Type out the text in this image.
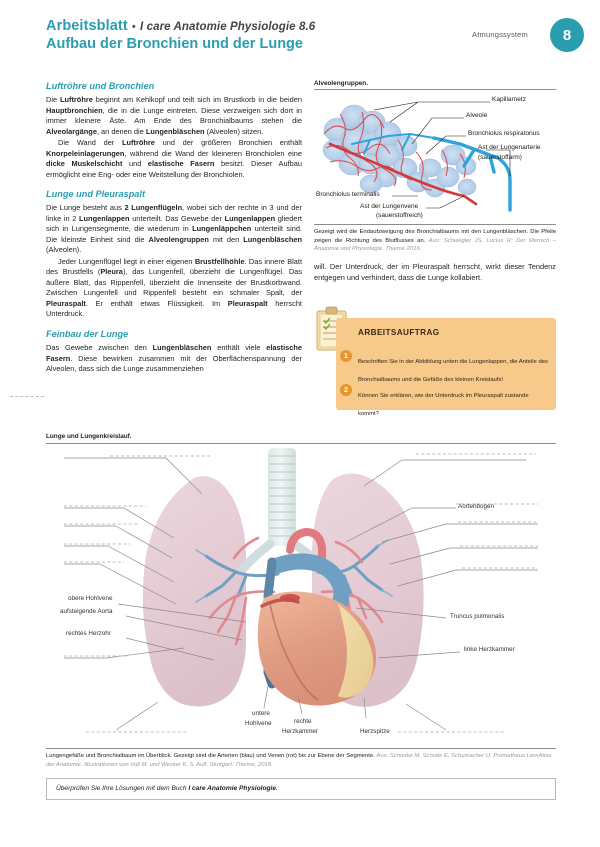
Arbeitsblatt • I care Anatomie Physiologie 8.6
Aufbau der Bronchien und der Lunge
Atmungssystem	8
Luftröhre und Bronchien
Die Luftröhre beginnt am Kehlkopf und teilt sich im Brustkorb in die beiden Hauptbronchien, die in die Lunge eintreten. Diese verzweigen sich dort in immer kleinere Äste. Am Ende des Bronchialbaums stehen die Alveolargänge, an denen die Lungenbläschen (Alveolen) sitzen.
Die Wand der Luftröhre und der größeren Bronchien enthält Knorpeleinlagerungen, während die Wand der kleineren Bronchiolen eine dicke Muskelschicht und elastische Fasern besitzt. Dieser Aufbau ermöglicht eine Eng- oder eine Weitstellung der Bronchiolen.
Lunge und Pleuraspalt
Die Lunge besteht aus 2 Lungenflügeln, wobei sich der rechte in 3 und der linke in 2 Lungenlappen unterteilt. Das Gewebe der Lungenlappen gliedert sich in Lungensegmente, die wiederum in Lungenläppchen unterteilt sind. Die kleinste Einheit sind die Alveolengruppen mit den Lungenbläschen (Alveolen).
Jeder Lungenflügel liegt in einer eigenen Brustfellhöhle. Das innere Blatt des Brustfells (Pleura), das Lungenfell, überzieht die Lungenflügel. Das äußere Blatt, das Rippenfell, überzieht die Innenseite der Brustkorbwand. Zwischen Lungenfell und Rippenfell besteht ein schmaler Spalt, der Pleuraspalt. Er enthält etwas Flüssigkeit. Im Pleuraspalt herrscht Unterdruck.
Feinbau der Lunge
Das Gewebe zwischen den Lungenbläschen enthält viele elastische Fasern. Diese bewirken zusammen mit der Oberflächenspannung der Alveolen, dass sich die Lunge zusammenziehen
Alveolengruppen.
Kapillarnetz
Alveole
Bronchiolus respiratorius
Ast der Lungenarterie
(sauerstoffarm)
Bronchiolus terminalis
Ast der Lungenvene
(sauerstoffreich)
Gezeigt wird die Endaufzweigung des Bronchialbaums mit den Lungenbläschen. Die Pfeile zeigen die Richtung des Blutflusses an. Aus: Schwegler JS, Lucius R: Der Mensch – Anatomie und Physiologie. Thieme 2016.
will. Der Unterdruck, der im Pleuraspalt herrscht, wirkt dieser Tendenz entgegen und verhindert, dass die Lunge kollabiert.
ARBEITSAUFTRAG
1
Beschriften Sie in der Abbildung unten die Lungenlappen, die Anteile des Bronchialbaums und die Gefäße des kleinen Kreislaufs!
2
Können Sie erklären, wie der Unterdruck im Pleuraspalt zustande kommt?
Lunge und Lungenkreislauf.
obere Hohlvene
aufsteigende Aorta
rechtes Herzohr
Aortenbogen
Truncus pulmonalis
linke Herzkammer
untere
Hohlvene	rechte
Herzkammer	Herzspitze
Lungengefäße und Bronchialbaum im Überblick. Gezeigt sind die Arterien (blau) und Venen (rot) bis zur Ebene der Segmente. Aus: Schünke M, Schulte E, Schumacher U: Prometheus LernAtlas der Anatomie. Illustrationen von Voll M. und Wesker K. 5. Aufl. Stuttgart: Thieme, 2018.
Überprüfen Sie Ihre Lösungen mit dem Buch I care Anatomie Physiologie.
